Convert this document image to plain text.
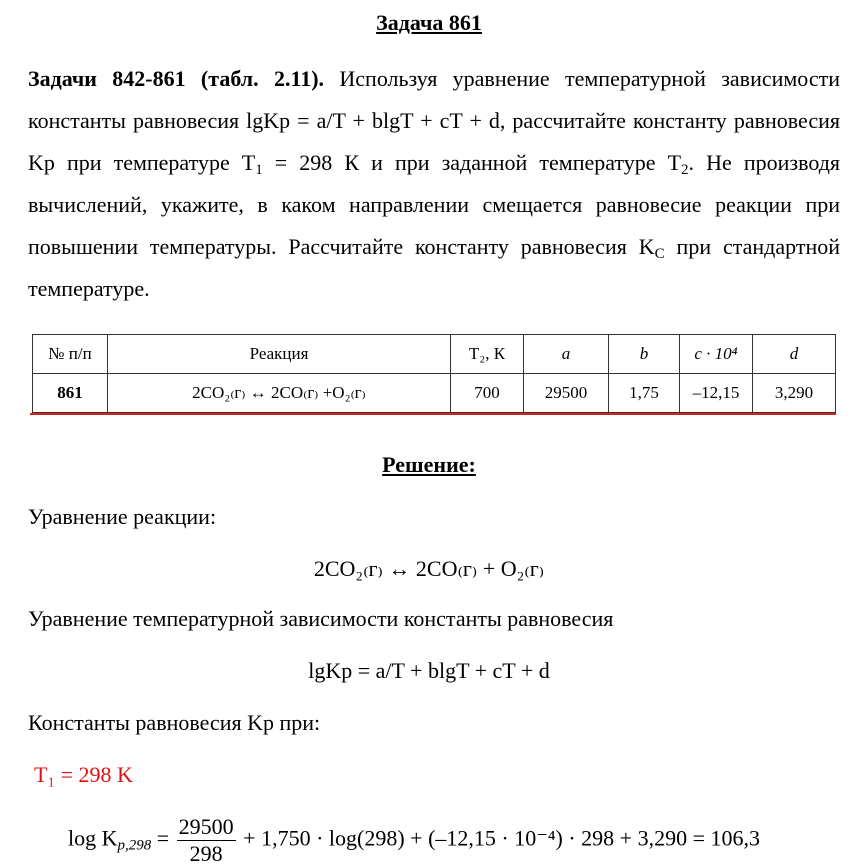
Задача 861
Задачи 842-861 (табл. 2.11). Используя уравнение температурной зависимости константы равновесия lgKp = a/T + blgT + cT + d, рассчитайте константу равновесия Kp при температуре $T_1 = 298$ К и при заданной температуре $T_2$. Не производя вычислений, укажите, в каком направлении смещается равновесие реакции при повышении температуры. Рассчитайте константу равновесия $K_C$ при стандартной температуре.
№ п/п	Реакция	T₂, К	a	b	c · 10⁴	d
861	2CO₂₍г₎ ↔ 2CO₍г₎ +O₂₍г₎	700	29500	1,75	–12,15	3,290
Решение:
Уравнение реакции:
2CO₂₍г₎ ↔ 2CO₍г₎ + O₂₍г₎
Уравнение температурной зависимости константы равновесия
lgKp = a/T + blgT + cT + d
Константы равновесия Kp при:
T₁ = 298 K
$\log K_{p,298} = \frac{29500}{298} + 1,750 \cdot \log(298) + (-12,15 \cdot 10^{-4}) \cdot 298 + 3,290 = 106,3$
